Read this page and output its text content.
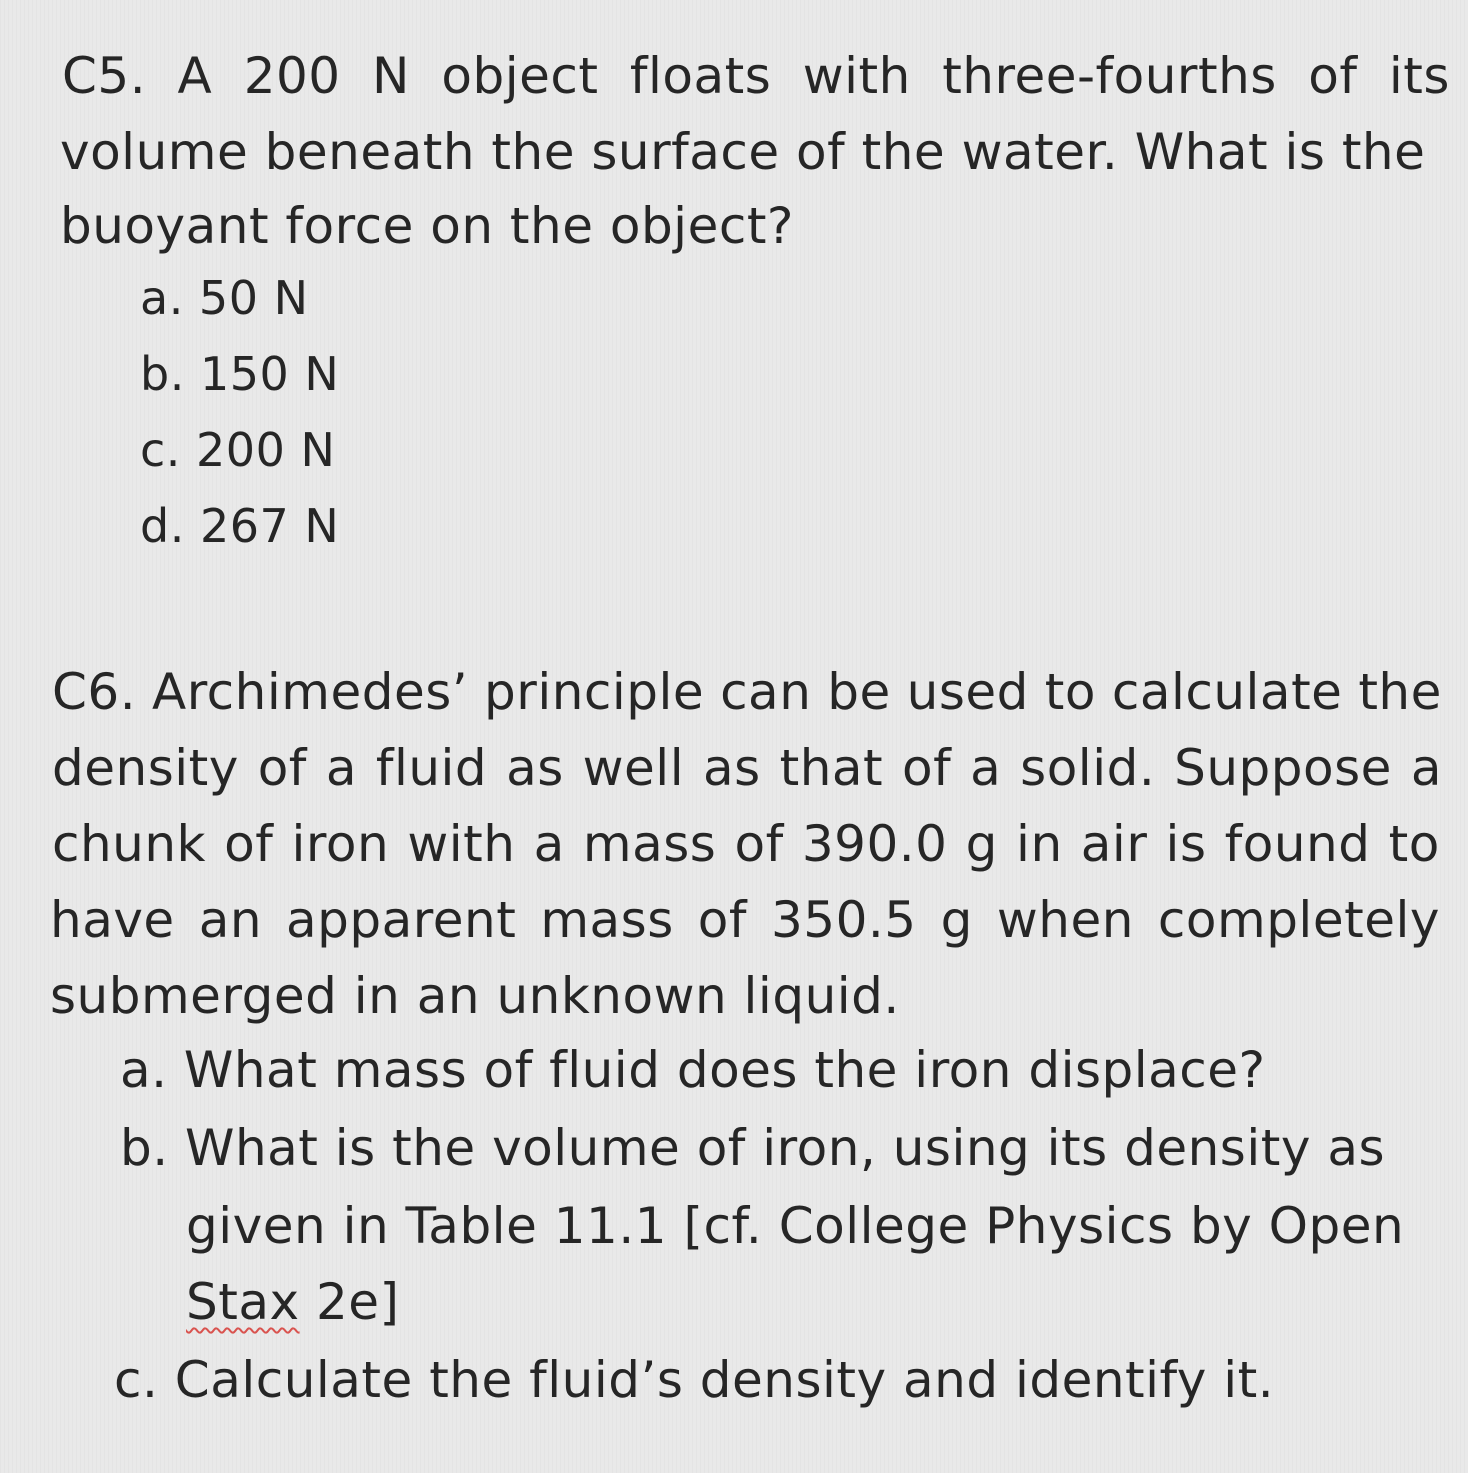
C5. A 200 N object floats with three-fourths of its
volume beneath the surface of the water. What is the
buoyant force on the object?
a. 50 N
b. 150 N
c. 200 N
d. 267 N
C6. Archimedes’ principle can be used to calculate the
density of a fluid as well as that of a solid. Suppose a
chunk of iron with a mass of 390.0 g in air is found to
have an apparent mass of 350.5 g when completely
submerged in an unknown liquid.
a. What mass of fluid does the iron displace?
b. What is the volume of iron, using its density as
given in Table 11.1 [cf. College Physics by Open
Stax 2e]
c. Calculate the fluid’s density and identify it.
